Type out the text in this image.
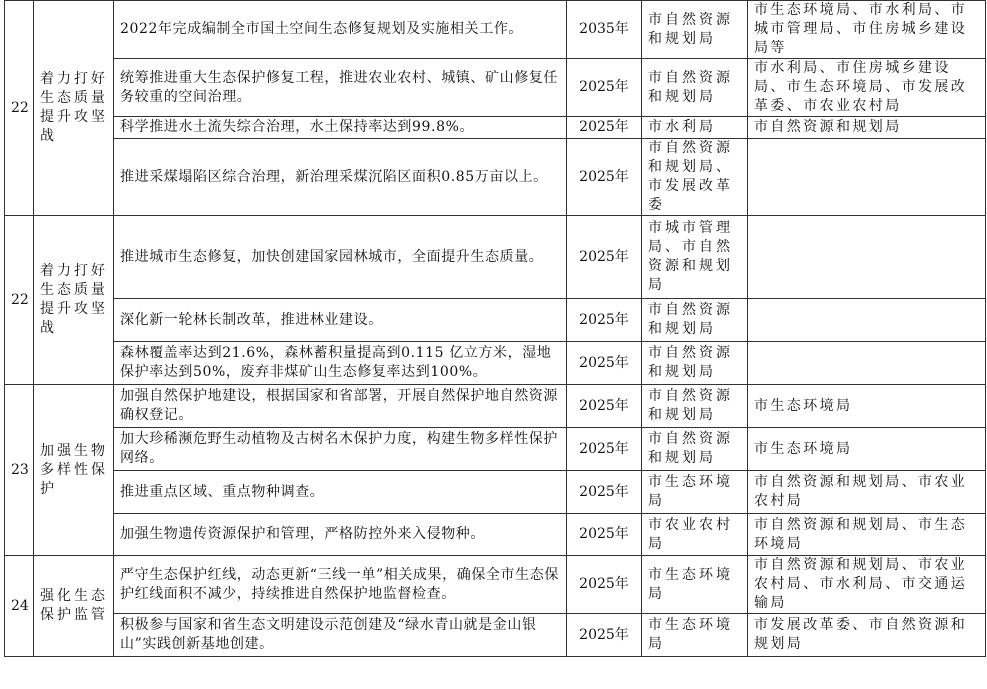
22	着力打好生态质量提升攻坚战	2022年完成编制全市国土空间生态修复规划及实施相关工作。	2035年	市自然资源和规划局	市生态环境局、市水利局、市城市管理局、市住房城乡建设局等
		统筹推进重大生态保护修复工程，推进农业农村、城镇、矿山修复任务较重的空间治理。	2025年	市自然资源和规划局	市水利局、市住房城乡建设局、市生态环境局、市发展改革委、市农业农村局
		科学推进水土流失综合治理，水土保持率达到99.8%。	2025年	市水利局	市自然资源和规划局
		推进采煤塌陷区综合治理，新治理采煤沉陷区面积0.85万亩以上。	2025年	市自然资源和规划局、市发展改革委	
22	着力打好生态质量提升攻坚战	推进城市生态修复，加快创建国家园林城市，全面提升生态质量。	2025年	市城市管理局、市自然资源和规划局	
		深化新一轮林长制改革，推进林业建设。	2025年	市自然资源和规划局	
		森林覆盖率达到21.6%，森林蓄积量提高到0.115 亿立方米，湿地保护率达到50%，废弃非煤矿山生态修复率达到100%。	2025年	市自然资源和规划局	
23	加强生物多样性保护	加强自然保护地建设，根据国家和省部署，开展自然保护地自然资源确权登记。	2025年	市自然资源和规划局	市生态环境局
		加大珍稀濒危野生动植物及古树名木保护力度，构建生物多样性保护网络。	2025年	市自然资源和规划局	市生态环境局
		推进重点区域、重点物种调查。	2025年	市生态环境局	市自然资源和规划局、市农业农村局
		加强生物遗传资源保护和管理，严格防控外来入侵物种。	2025年	市农业农村局	市自然资源和规划局、市生态环境局
24	强化生态保护监管	严守生态保护红线，动态更新“三线一单”相关成果，确保全市生态保护红线面积不减少，持续推进自然保护地监督检查。	2025年	市生态环境局	市自然资源和规划局、市农业农村局、市水利局、市交通运输局
		积极参与国家和省生态文明建设示范创建及“绿水青山就是金山银山”实践创新基地创建。	2025年	市生态环境局	市发展改革委、市自然资源和规划局
